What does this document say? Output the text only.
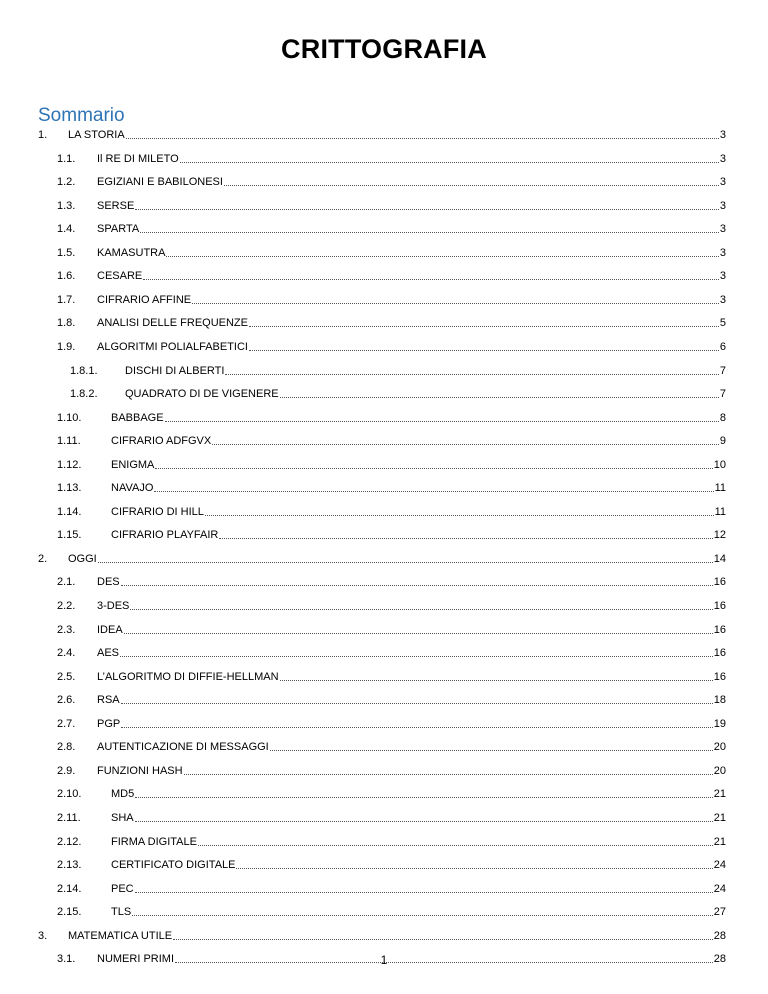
CRITTOGRAFIA
Sommario
1.	LA STORIA	3
1.1.	Il RE DI MILETO	3
1.2.	EGIZIANI E BABILONESI	3
1.3.	SERSE	3
1.4.	SPARTA	3
1.5.	KAMASUTRA	3
1.6.	CESARE	3
1.7.	CIFRARIO AFFINE	3
1.8.	ANALISI DELLE FREQUENZE	5
1.9.	ALGORITMI POLIALFABETICI	6
1.8.1.	DISCHI DI ALBERTI	7
1.8.2.	QUADRATO DI DE VIGENERE	7
1.10.	BABBAGE	8
1.11.	CIFRARIO ADFGVX	9
1.12.	ENIGMA	10
1.13.	NAVAJO	11
1.14.	CIFRARIO DI HILL	11
1.15.	CIFRARIO PLAYFAIR	12
2.	OGGI	14
2.1.	DES	16
2.2.	3-DES	16
2.3.	IDEA	16
2.4.	AES	16
2.5.	L’ALGORITMO DI DIFFIE-HELLMAN	16
2.6.	RSA	18
2.7.	PGP	19
2.8.	AUTENTICAZIONE DI MESSAGGI	20
2.9.	FUNZIONI HASH	20
2.10.	MD5	21
2.11.	SHA	21
2.12.	FIRMA DIGITALE	21
2.13.	CERTIFICATO DIGITALE	24
2.14.	PEC	24
2.15.	TLS	27
3.	MATEMATICA UTILE	28
3.1.	NUMERI PRIMI	28
1
